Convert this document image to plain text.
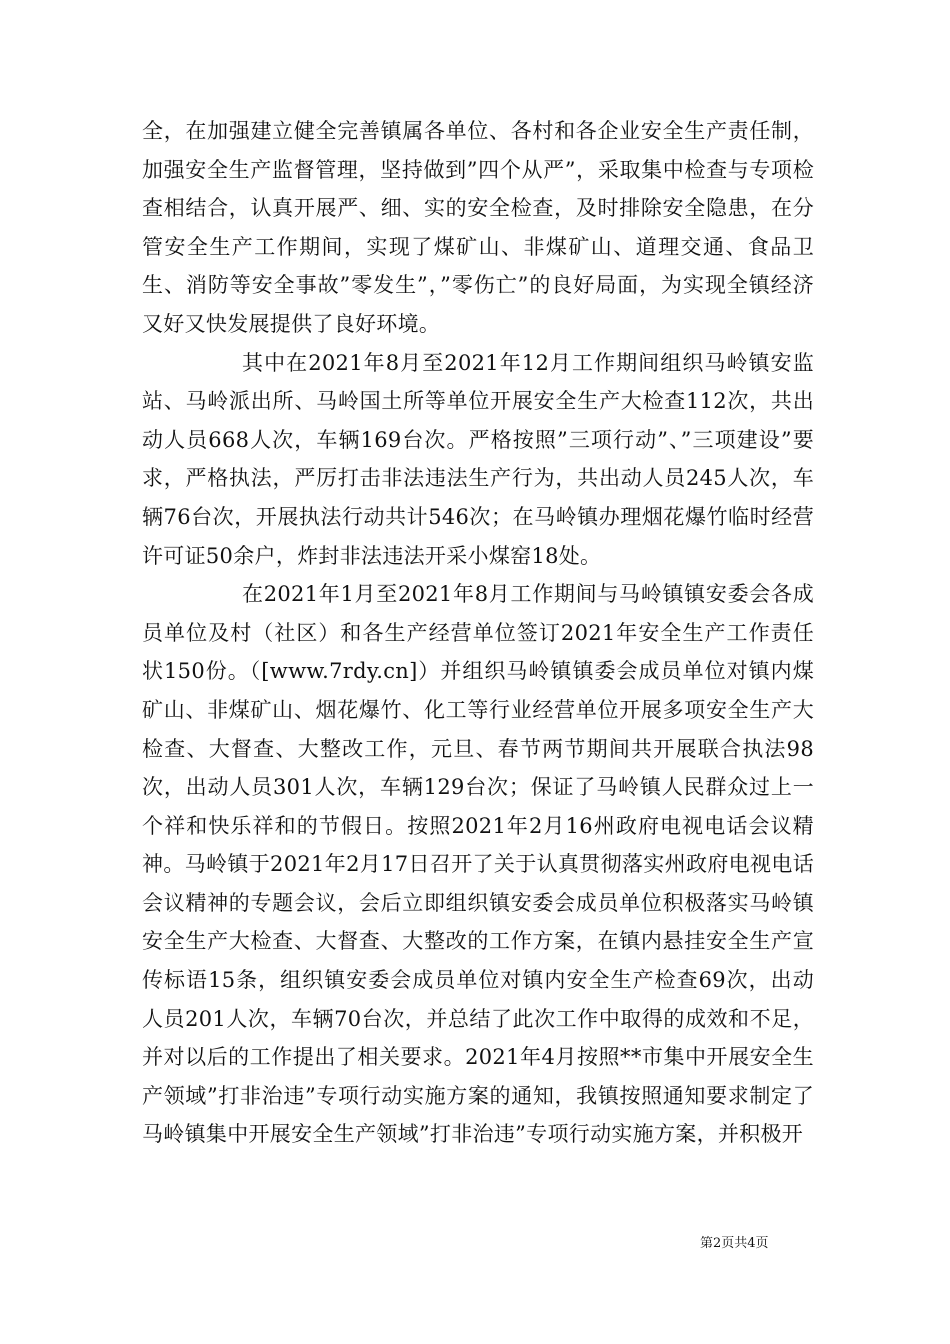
全，在加强建立健全完善镇属各单位、各村和各企业安全生产责任制，加强安全生产监督管理，坚持做到”四个从严”，采取集中检查与专项检查相结合，认真开展严、细、实的安全检查，及时排除安全隐患，在分管安全生产工作期间，实现了煤矿山、非煤矿山、道理交通、食品卫生、消防等安全事故”零发生”，”零伤亡”的良好局面，为实现全镇经济又好又快发展提供了良好环境。

其中在2021年8月至2021年12月工作期间组织马岭镇安监站、马岭派出所、马岭国土所等单位开展安全生产大检查112次，共出动人员668人次，车辆169台次。严格按照”三项行动”、”三项建设”要求，严格执法，严厉打击非法违法生产行为，共出动人员245人次，车辆76台次，开展执法行动共计546次；在马岭镇办理烟花爆竹临时经营许可证50余户，炸封非法违法开采小煤窑18处。

在2021年1月至2021年8月工作期间与马岭镇镇安委会各成员单位及村（社区）和各生产经营单位签订2021年安全生产工作责任状150份。（[www.7rdy.cn]）并组织马岭镇镇委会成员单位对镇内煤矿山、非煤矿山、烟花爆竹、化工等行业经营单位开展多项安全生产大检查、大督查、大整改工作，元旦、春节两节期间共开展联合执法98次，出动人员301人次，车辆129台次；保证了马岭镇人民群众过上一个祥和快乐祥和的节假日。按照2021年2月16州政府电视电话会议精神。马岭镇于2021年2月17日召开了关于认真贯彻落实州政府电视电话会议精神的专题会议，会后立即组织镇安委会成员单位积极落实马岭镇安全生产大检查、大督查、大整改的工作方案，在镇内悬挂安全生产宣传标语15条，组织镇安委会成员单位对镇内安全生产检查69次，出动人员201人次，车辆70台次，并总结了此次工作中取得的成效和不足，并对以后的工作提出了相关要求。2021年4月按照**市集中开展安全生产领域”打非治违”专项行动实施方案的通知，我镇按照通知要求制定了马岭镇集中开展安全生产领域”打非治违”专项行动实施方案，并积极开

第2页共4页
